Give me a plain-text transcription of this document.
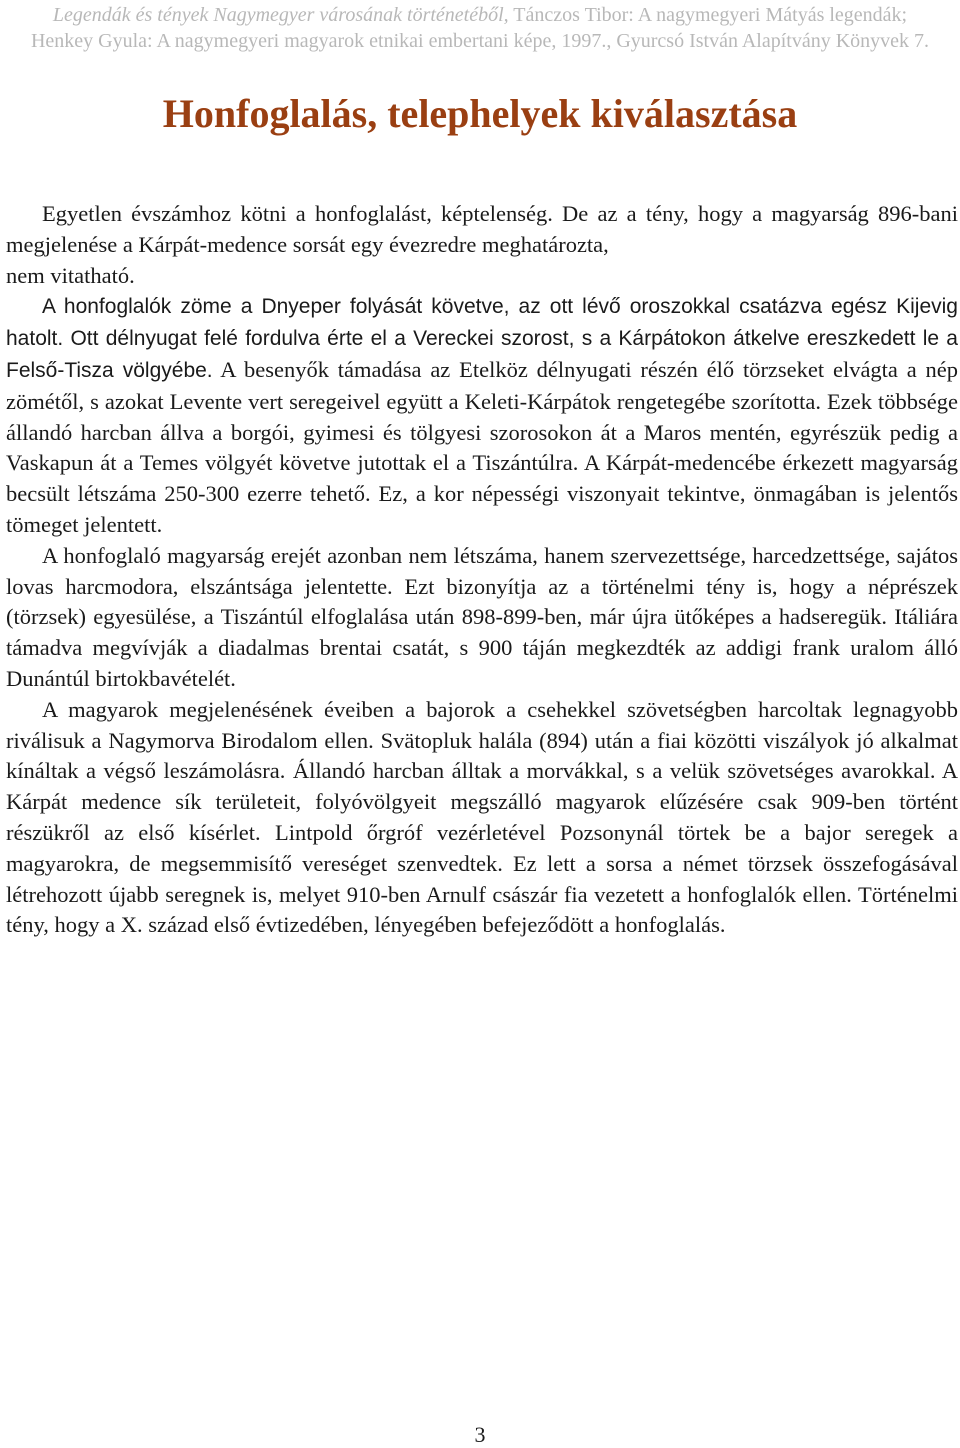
Legendák és tények Nagymegyer városának történetéből, Tánczos Tibor: A nagymegyeri Mátyás legendák;
Henkey Gyula: A nagymegyeri magyarok etnikai embertani képe, 1997., Gyurcsó István Alapítvány Könyvek 7.
Honfoglalás, telephelyek kiválasztása

Egyetlen évszámhoz kötni a honfoglalást, képtelenség. De az a tény, hogy a magyarság 896-bani megjelenése a Kárpát-medence sorsát egy évezredre meghatározta,

nem vitatható.

A honfoglalók zöme a Dnyeper folyását követve, az ott lévő oroszokkal csatázva egész Kijevig hatolt. Ott délnyugat felé fordulva érte el a Vereckei szorost, s a Kárpátokon átkelve ereszkedett le a Felső-Tisza völgyébe. A besenyők támadása az Etelköz délnyugati részén élő törzseket elvágta a nép zömétől, s azokat Levente vert seregeivel együtt a Keleti-Kárpátok rengetegébe szorította. Ezek többsége állandó harcban állva a borgói, gyimesi és tölgyesi szorosokon át a Maros mentén, egyrészük pedig a Vaskapun át a Temes völgyét követve jutottak el a Tiszántúlra. A Kárpát-medencébe érkezett magyarság becsült létszáma 250-300 ezerre tehető. Ez, a kor népességi viszonyait tekintve, önmagában is jelentős tömeget jelentett.

A honfoglaló magyarság erejét azonban nem létszáma, hanem szervezettsége, harcedzettsége, sajátos lovas harcmodora, elszántsága jelentette. Ezt bizonyítja az a történelmi tény is, hogy a néprészek (törzsek) egyesülése, a Tiszántúl elfoglalása után 898-899-ben, már újra ütőképes a hadseregük. Itáliára támadva megvívják a diadalmas brentai csatát, s 900 táján megkezdték az addigi frank uralom álló Dunántúl birtokbavételét.

A magyarok megjelenésének éveiben a bajorok a csehekkel szövetségben harcoltak legnagyobb riválisuk a Nagymorva Birodalom ellen. Svätopluk halála (894) után a fiai közötti viszályok jó alkalmat kínáltak a végső leszámolásra. Állandó harcban álltak a morvákkal, s a velük szövetséges avarokkal. A Kárpát medence sík területeit, folyóvölgyeit megszálló magyarok elűzésére csak 909-ben történt részükről az első kísérlet. Lintpold őrgróf vezérletével Pozsonynál törtek be a bajor seregek a magyarokra, de megsemmisítő vereséget szenvedtek. Ez lett a sorsa a német törzsek összefogásával létrehozott újabb seregnek is, melyet 910-ben Arnulf császár fia vezetett a honfoglalók ellen. Történelmi tény, hogy a X. század első évtizedében, lényegében befejeződött a honfoglalás.

3
